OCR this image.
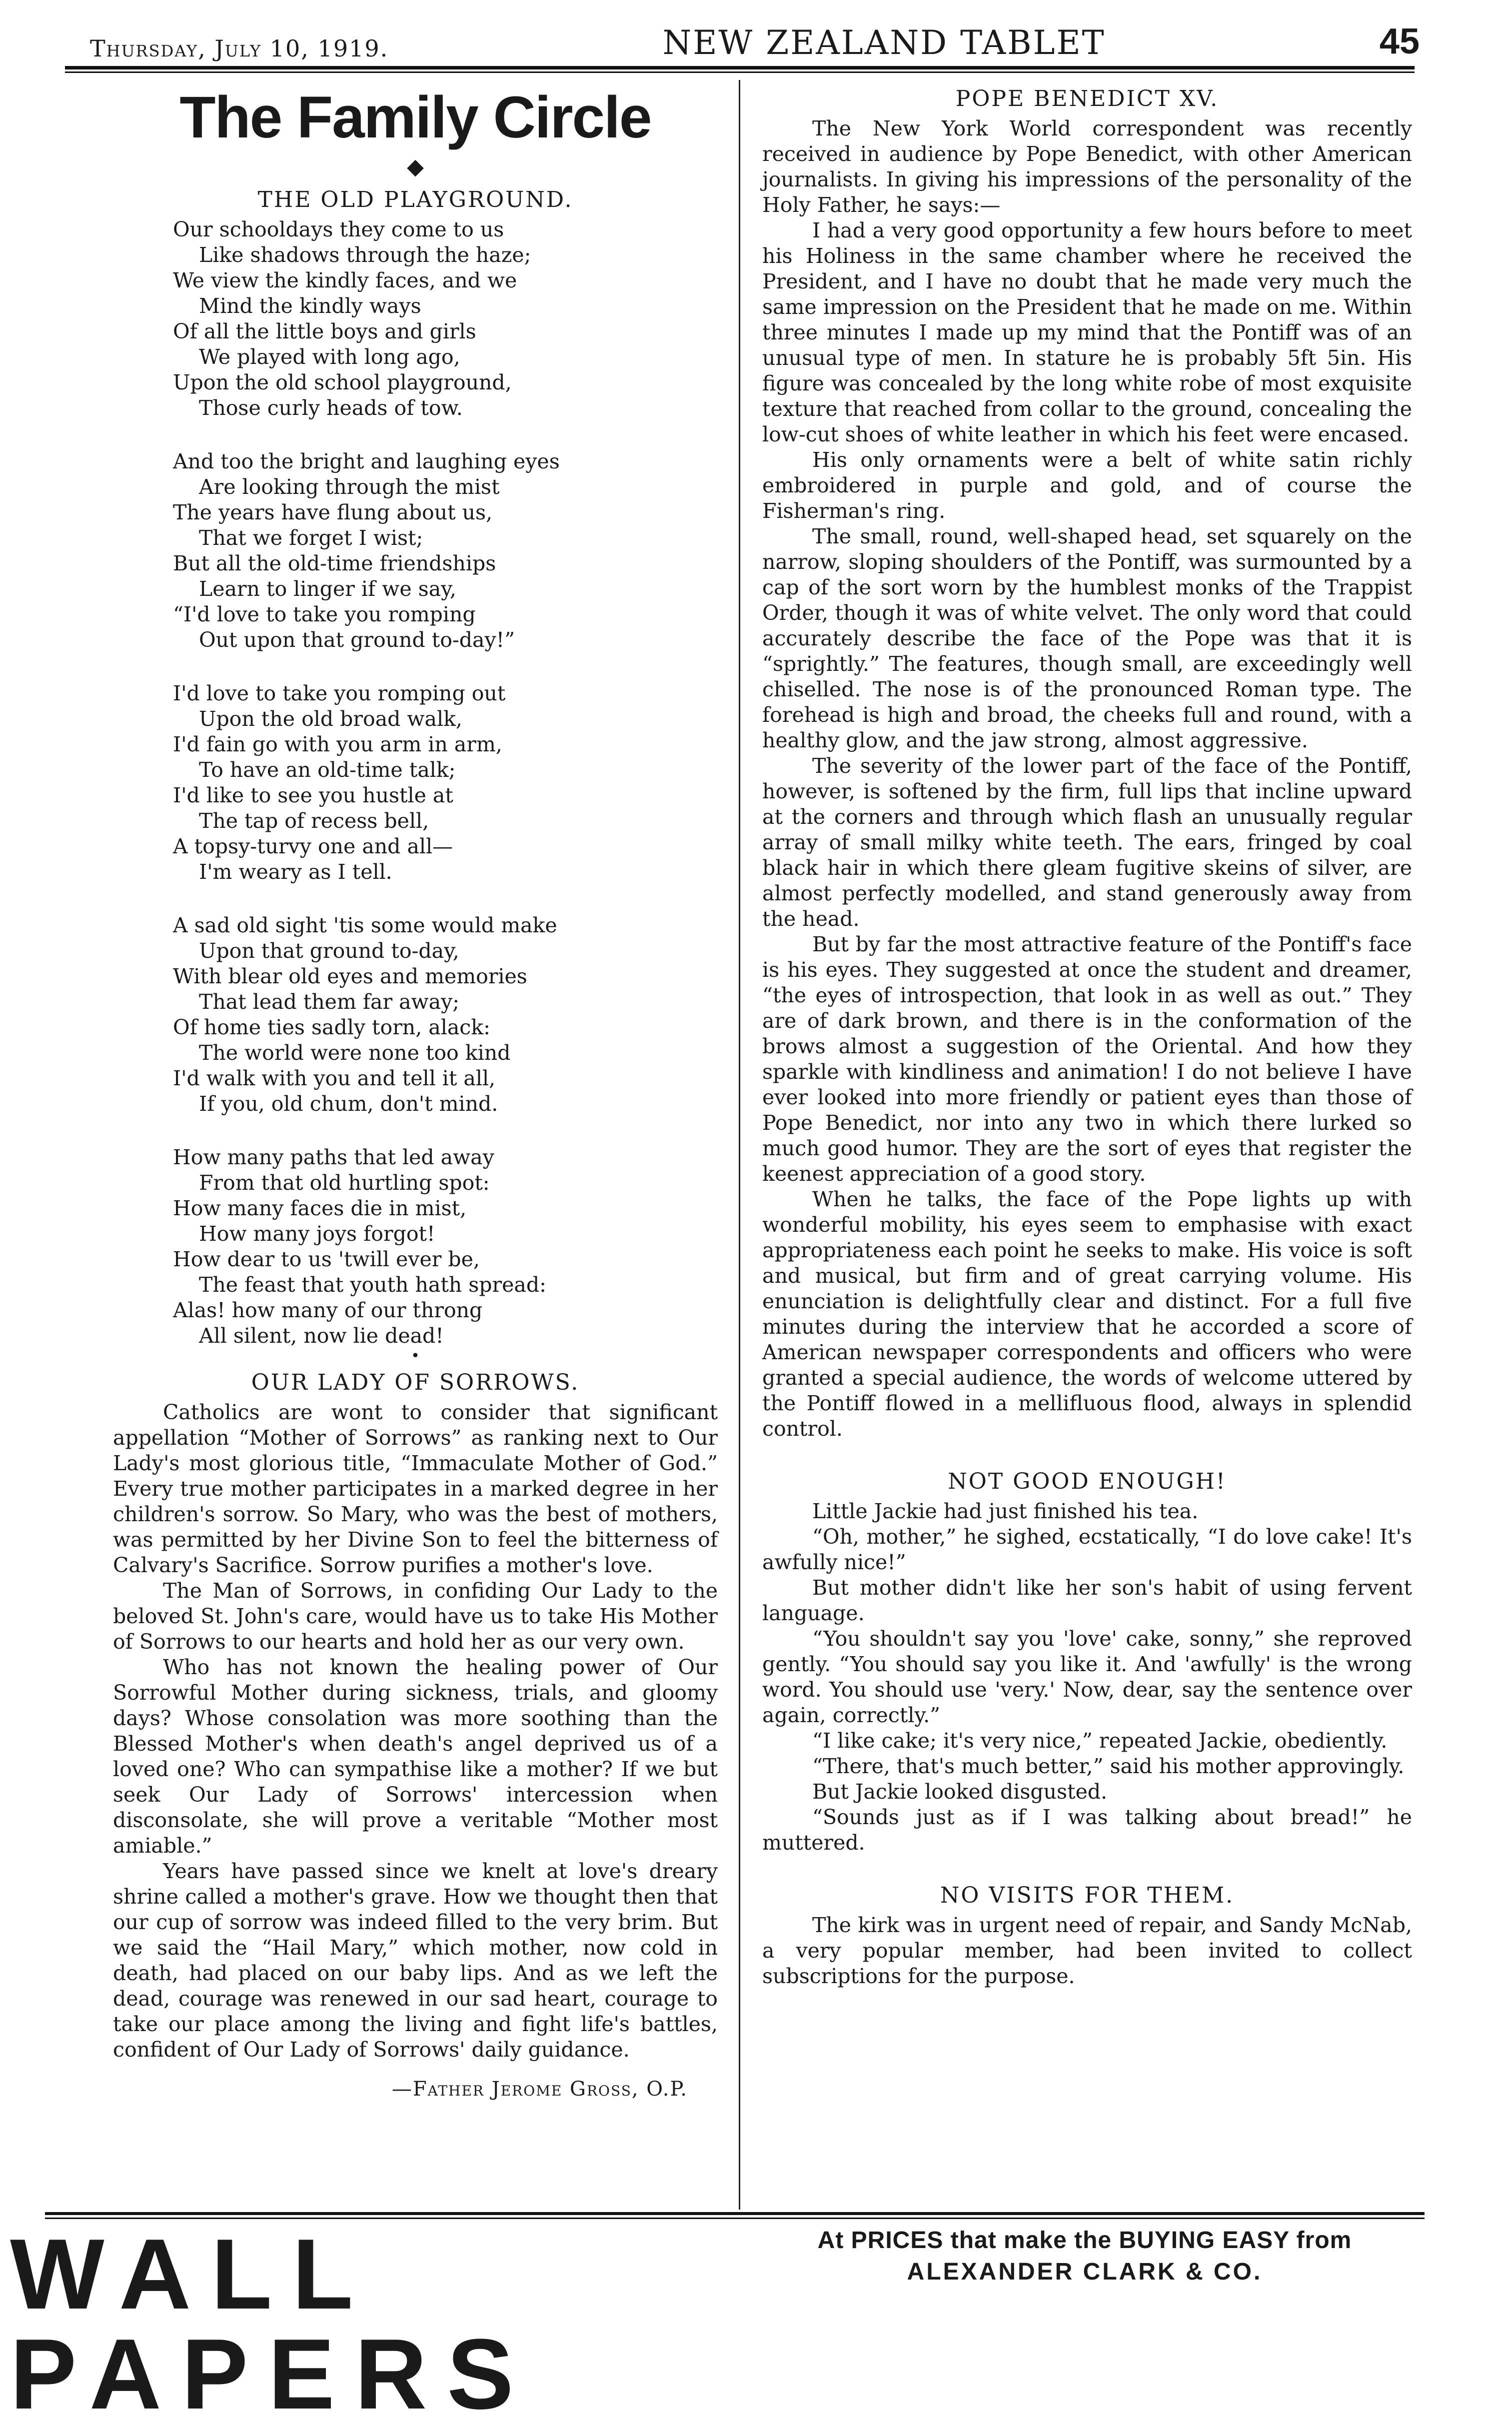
Thursday, July 10, 1919.	NEW ZEALAND TABLET	45
The Family Circle
◆
THE OLD PLAYGROUND.
Our schooldays they come to us
Like shadows through the haze;
We view the kindly faces, and we
Mind the kindly ways
Of all the little boys and girls
We played with long ago,
Upon the old school playground,
Those curly heads of tow.
And too the bright and laughing eyes
Are looking through the mist
The years have flung about us,
That we forget I wist;
But all the old-time friendships
Learn to linger if we say,
“I'd love to take you romping
Out upon that ground to-day!”
I'd love to take you romping out
Upon the old broad walk,
I'd fain go with you arm in arm,
To have an old-time talk;
I'd like to see you hustle at
The tap of recess bell,
A topsy-turvy one and all—
I'm weary as I tell.
A sad old sight 'tis some would make
Upon that ground to-day,
With blear old eyes and memories
That lead them far away;
Of home ties sadly torn, alack:
The world were none too kind
I'd walk with you and tell it all,
If you, old chum, don't mind.
How many paths that led away
From that old hurtling spot:
How many faces die in mist,
How many joys forgot!
How dear to us 'twill ever be,
The feast that youth hath spread:
Alas! how many of our throng
All silent, now lie dead!
•
OUR LADY OF SORROWS.

Catholics are wont to consider that significant appellation “Mother of Sorrows” as ranking next to Our Lady's most glorious title, “Immaculate Mother of God.” Every true mother participates in a marked degree in her children's sorrow. So Mary, who was the best of mothers, was permitted by her Divine Son to feel the bitterness of Calvary's Sacrifice. Sorrow purifies a mother's love.

The Man of Sorrows, in confiding Our Lady to the beloved St. John's care, would have us to take His Mother of Sorrows to our hearts and hold her as our very own.

Who has not known the healing power of Our Sorrowful Mother during sickness, trials, and gloomy days? Whose consolation was more soothing than the Blessed Mother's when death's angel deprived us of a loved one? Who can sympathise like a mother? If we but seek Our Lady of Sorrows' intercession when disconsolate, she will prove a veritable “Mother most amiable.”

Years have passed since we knelt at love's dreary shrine called a mother's grave. How we thought then that our cup of sorrow was indeed filled to the very brim. But we said the “Hail Mary,” which mother, now cold in death, had placed on our baby lips. And as we left the dead, courage was renewed in our sad heart, courage to take our place among the living and fight life's battles, confident of Our Lady of Sorrows' daily guidance.

—Father Jerome Gross, O.P.
POPE BENEDICT XV.

The New York World correspondent was recently received in audience by Pope Benedict, with other American journalists. In giving his impressions of the personality of the Holy Father, he says:—

I had a very good opportunity a few hours before to meet his Holiness in the same chamber where he received the President, and I have no doubt that he made very much the same impression on the President that he made on me. Within three minutes I made up my mind that the Pontiff was of an unusual type of men. In stature he is probably 5ft 5in. His figure was concealed by the long white robe of most exquisite texture that reached from collar to the ground, concealing the low-cut shoes of white leather in which his feet were encased.

His only ornaments were a belt of white satin richly embroidered in purple and gold, and of course the Fisherman's ring.

The small, round, well-shaped head, set squarely on the narrow, sloping shoulders of the Pontiff, was surmounted by a cap of the sort worn by the humblest monks of the Trappist Order, though it was of white velvet. The only word that could accurately describe the face of the Pope was that it is “sprightly.” The features, though small, are exceedingly well chiselled. The nose is of the pronounced Roman type. The forehead is high and broad, the cheeks full and round, with a healthy glow, and the jaw strong, almost aggressive.

The severity of the lower part of the face of the Pontiff, however, is softened by the firm, full lips that incline upward at the corners and through which flash an unusually regular array of small milky white teeth. The ears, fringed by coal black hair in which there gleam fugitive skeins of silver, are almost perfectly modelled, and stand generously away from the head.

But by far the most attractive feature of the Pontiff's face is his eyes. They suggested at once the student and dreamer, “the eyes of introspection, that look in as well as out.” They are of dark brown, and there is in the conformation of the brows almost a suggestion of the Oriental. And how they sparkle with kindliness and animation! I do not believe I have ever looked into more friendly or patient eyes than those of Pope Benedict, nor into any two in which there lurked so much good humor. They are the sort of eyes that register the keenest appreciation of a good story.

When he talks, the face of the Pope lights up with wonderful mobility, his eyes seem to emphasise with exact appropriateness each point he seeks to make. His voice is soft and musical, but firm and of great carrying volume. His enunciation is delightfully clear and distinct. For a full five minutes during the interview that he accorded a score of American newspaper correspondents and officers who were granted a special audience, the words of welcome uttered by the Pontiff flowed in a mellifluous flood, always in splendid control.

NOT GOOD ENOUGH!

Little Jackie had just finished his tea.

“Oh, mother,” he sighed, ecstatically, “I do love cake! It's awfully nice!”

But mother didn't like her son's habit of using fervent language.

“You shouldn't say you 'love' cake, sonny,” she reproved gently. “You should say you like it. And 'awfully' is the wrong word. You should use 'very.' Now, dear, say the sentence over again, correctly.”

“I like cake; it's very nice,” repeated Jackie, obediently.

“There, that's much better,” said his mother approvingly.

But Jackie looked disgusted.

“Sounds just as if I was talking about bread!” he muttered.

NO VISITS FOR THEM.

The kirk was in urgent need of repair, and Sandy McNab, a very popular member, had been invited to collect subscriptions for the purpose.

WALL PAPERS
At PRICES that make the BUYING EASY from
ALEXANDER CLARK & CO.
